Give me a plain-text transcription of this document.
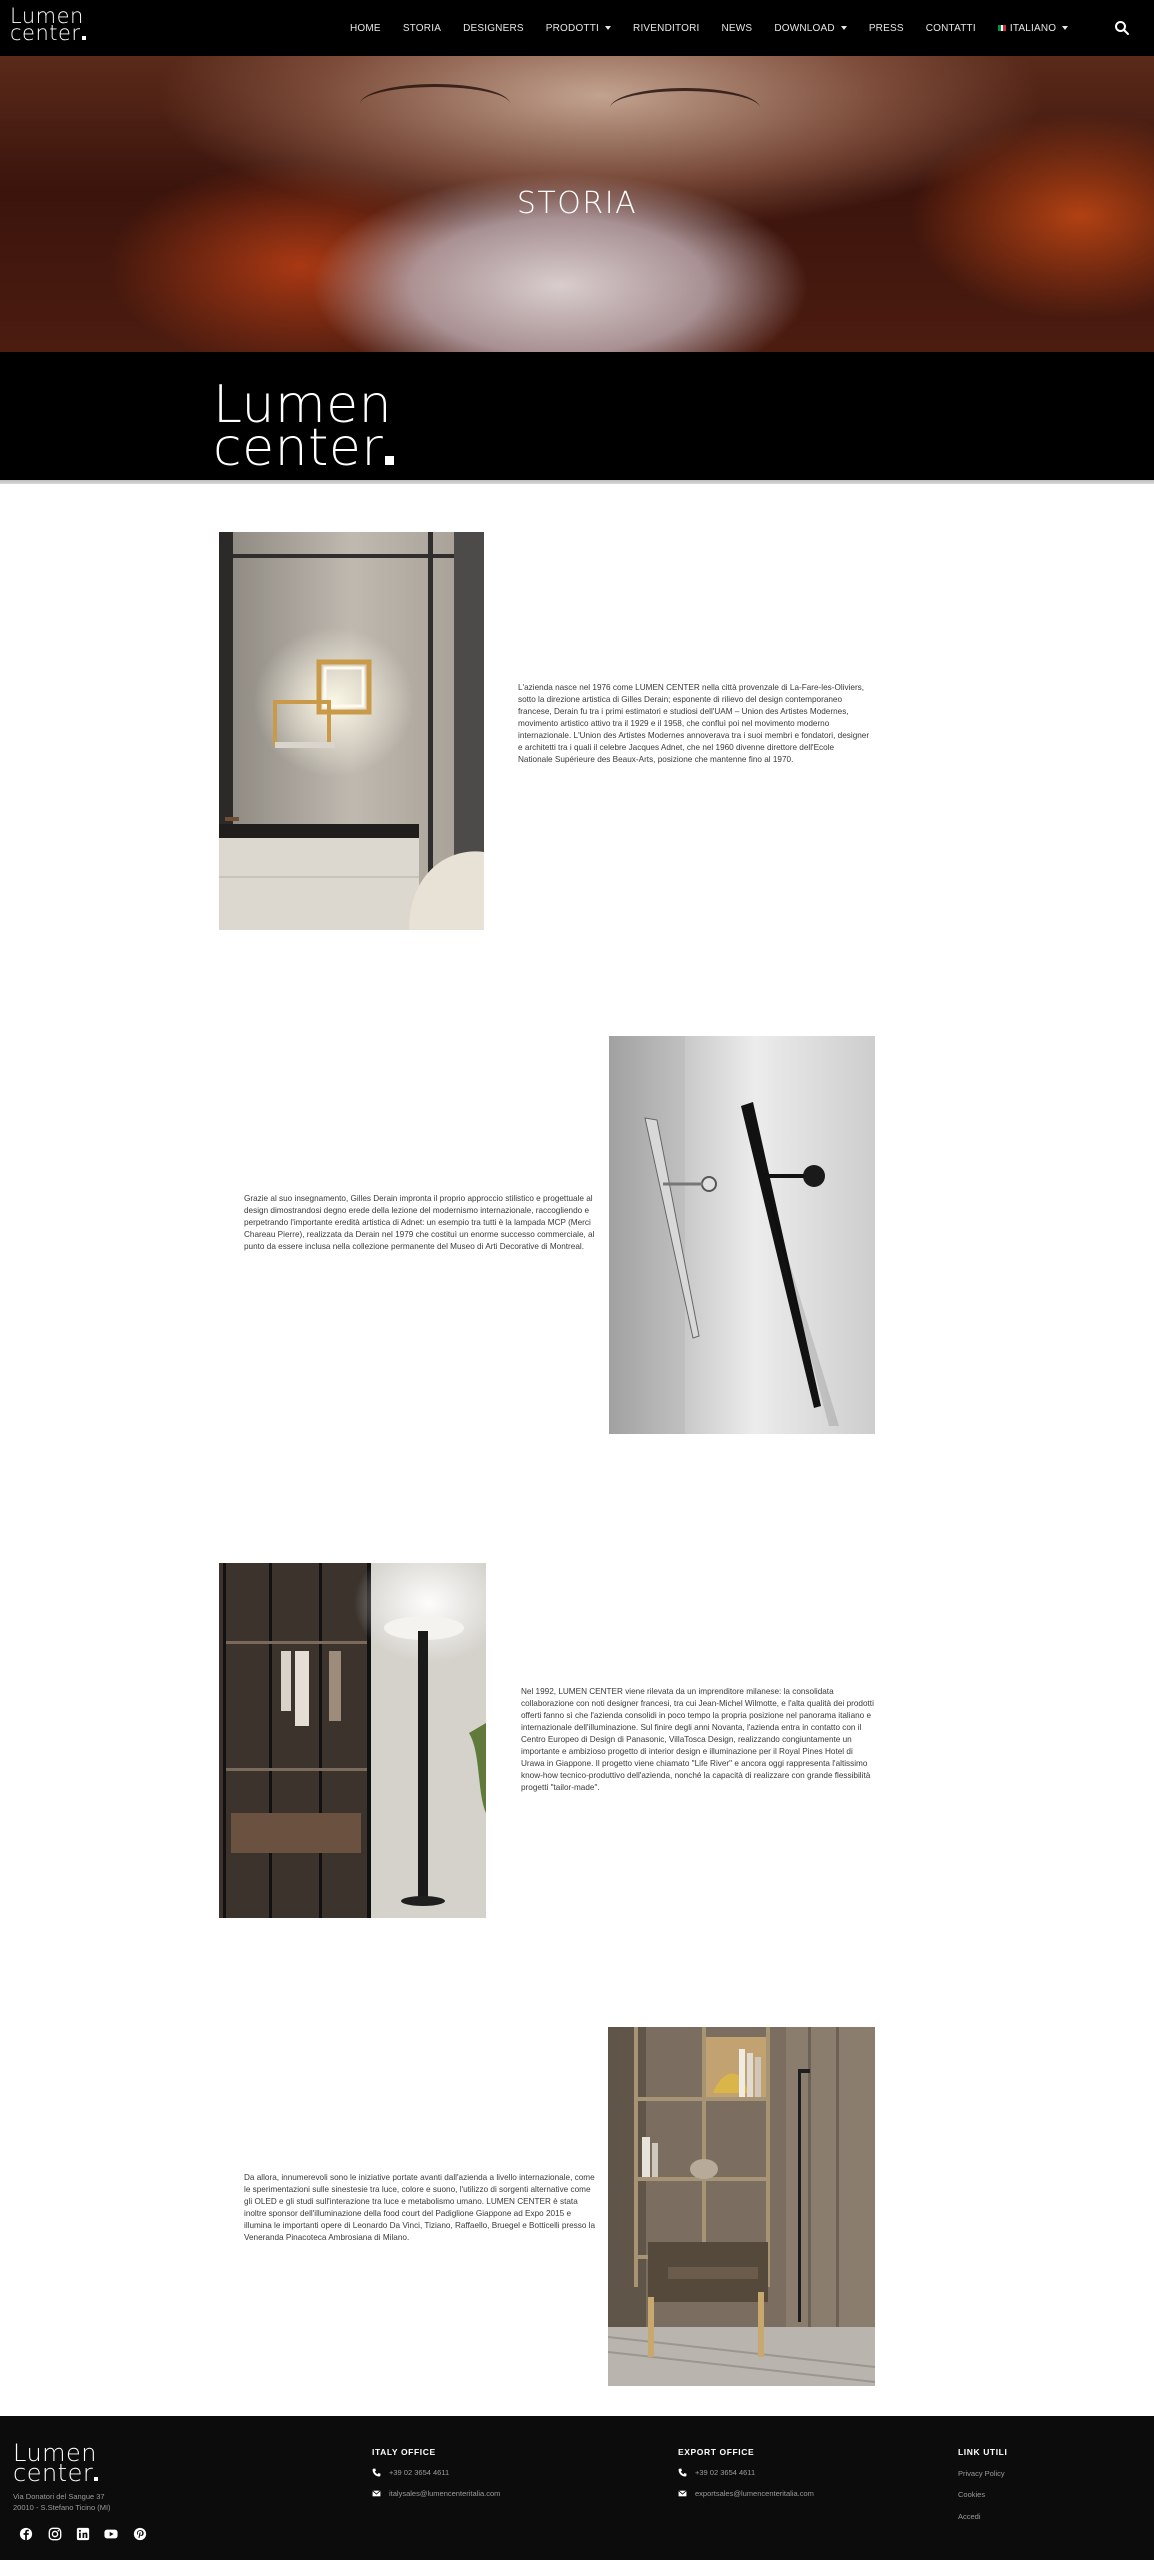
Lumen
center	HOME STORIA DESIGNERS PRODOTTI	RIVENDITORI NEWS DOWNLOAD	PRESS CONTATTI	ITALIANO
STORIA
Lumen
center
L'azienda nasce nel 1976 come LUMEN CENTER nella città provenzale di La-Fare-les-Oliviers, sotto la direzione artistica di Gilles Derain; esponente di rilievo del design contemporaneo francese, Derain fu tra i primi estimatori e studiosi dell'UAM – Union des Artistes Modernes, movimento artistico attivo tra il 1929 e il 1958, che confluì poi nel movimento moderno internazionale. L'Union des Artistes Modernes annoverava tra i suoi membri e fondatori, designer e architetti tra i quali il celebre Jacques Adnet, che nel 1960 divenne direttore dell'Ecole Nationale Supérieure des Beaux-Arts, posizione che mantenne fino al 1970.
Grazie al suo insegnamento, Gilles Derain impronta il proprio approccio stilistico e progettuale al design dimostrandosi degno erede della lezione del modernismo internazionale, raccogliendo e perpetrando l'importante eredità artistica di Adnet: un esempio tra tutti è la lampada MCP (Merci Chareau Pierre), realizzata da Derain nel 1979 che costituì un enorme successo commerciale, al punto da essere inclusa nella collezione permanente del Museo di Arti Decorative di Montreal.
Nel 1992, LUMEN CENTER viene rilevata da un imprenditore milanese: la consolidata collaborazione con noti designer francesi, tra cui Jean-Michel Wilmotte, e l'alta qualità dei prodotti offerti fanno sì che l'azienda consolidi in poco tempo la propria posizione nel panorama italiano e internazionale dell'illuminazione. Sul finire degli anni Novanta, l'azienda entra in contatto con il Centro Europeo di Design di Panasonic, VillaTosca Design, realizzando congiuntamente un importante e ambizioso progetto di interior design e illuminazione per il Royal Pines Hotel di Urawa in Giappone. Il progetto viene chiamato "Life River" e ancora oggi rappresenta l'altissimo know-how tecnico-produttivo dell'azienda, nonché la capacità di realizzare con grande flessibilità progetti "tailor-made".
Da allora, innumerevoli sono le iniziative portate avanti dall'azienda a livello internazionale, come le sperimentazioni sulle sinestesie tra luce, colore e suono, l'utilizzo di sorgenti alternative come gli OLED e gli studi sull'interazione tra luce e metabolismo umano. LUMEN CENTER è stata inoltre sponsor dell'illuminazione della food court del Padiglione Giappone ad Expo 2015 e illumina le importanti opere di Leonardo Da Vinci, Tiziano, Raffaello, Bruegel e Botticelli presso la Veneranda Pinacoteca Ambrosiana di Milano.
Lumen
center
Via Donatori del Sangue 37
20010 - S.Stefano Ticino (MI)
ITALY OFFICE
+39 02 3654 4611
italysales@lumencenteritalia.com
EXPORT OFFICE
+39 02 3654 4611
exportsales@lumencenteritalia.com
LINK UTILI
Privacy Policy
Cookies
Accedi
